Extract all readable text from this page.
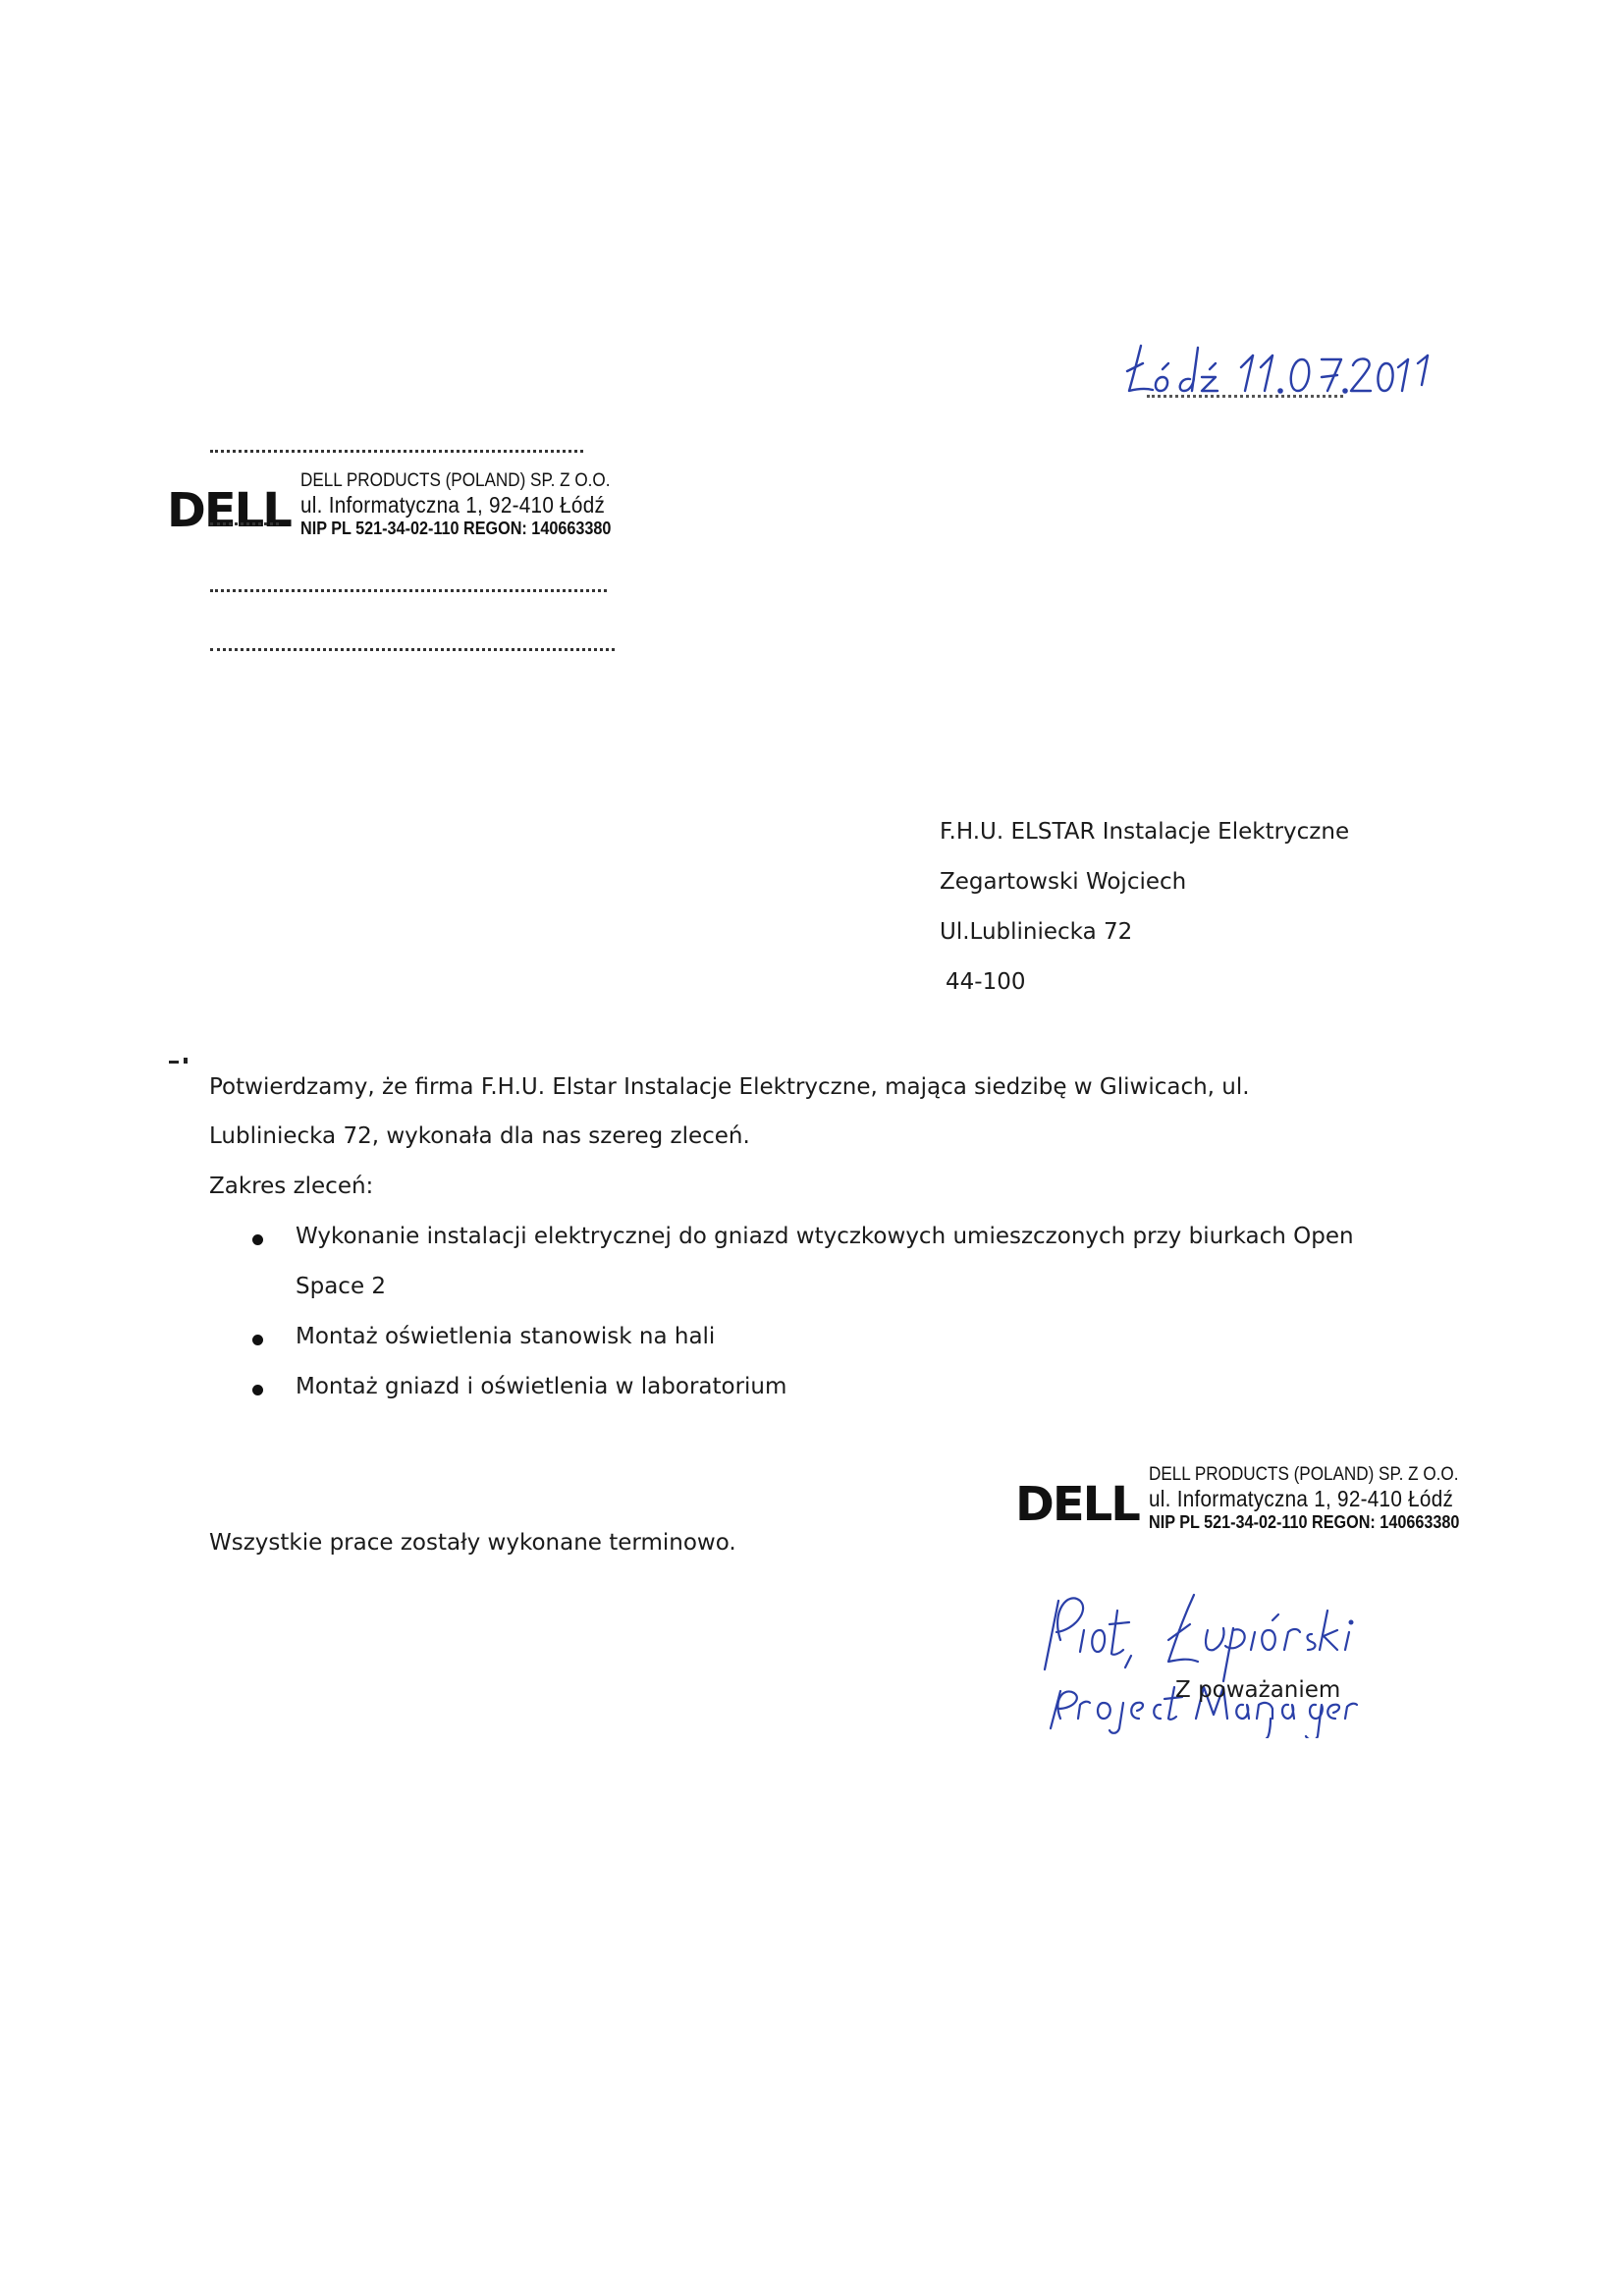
DELL
DELL PRODUCTS (POLAND) SP. Z O.O.
ul. Informatyczna 1, 92-410 Łódź
NIP PL 521-34-02-110 REGON: 140663380
F.H.U. ELSTAR Instalacje Elektryczne
Zegartowski Wojciech
Ul.Lubliniecka 72
44-100
Potwierdzamy, że firma F.H.U. Elstar Instalacje Elektryczne, mająca siedzibę w Gliwicach, ul.
Lubliniecka 72, wykonała dla nas szereg zleceń.
Zakres zleceń:
Wykonanie instalacji elektrycznej do gniazd wtyczkowych umieszczonych przy biurkach Open
Space 2
Montaż oświetlenia stanowisk na hali
Montaż gniazd i oświetlenia w laboratorium
DELL
DELL PRODUCTS (POLAND) SP. Z O.O.
ul. Informatyczna 1, 92-410 Łódź
NIP PL 521-34-02-110 REGON: 140663380
Wszystkie prace zostały wykonane terminowo.
Z poważaniem
